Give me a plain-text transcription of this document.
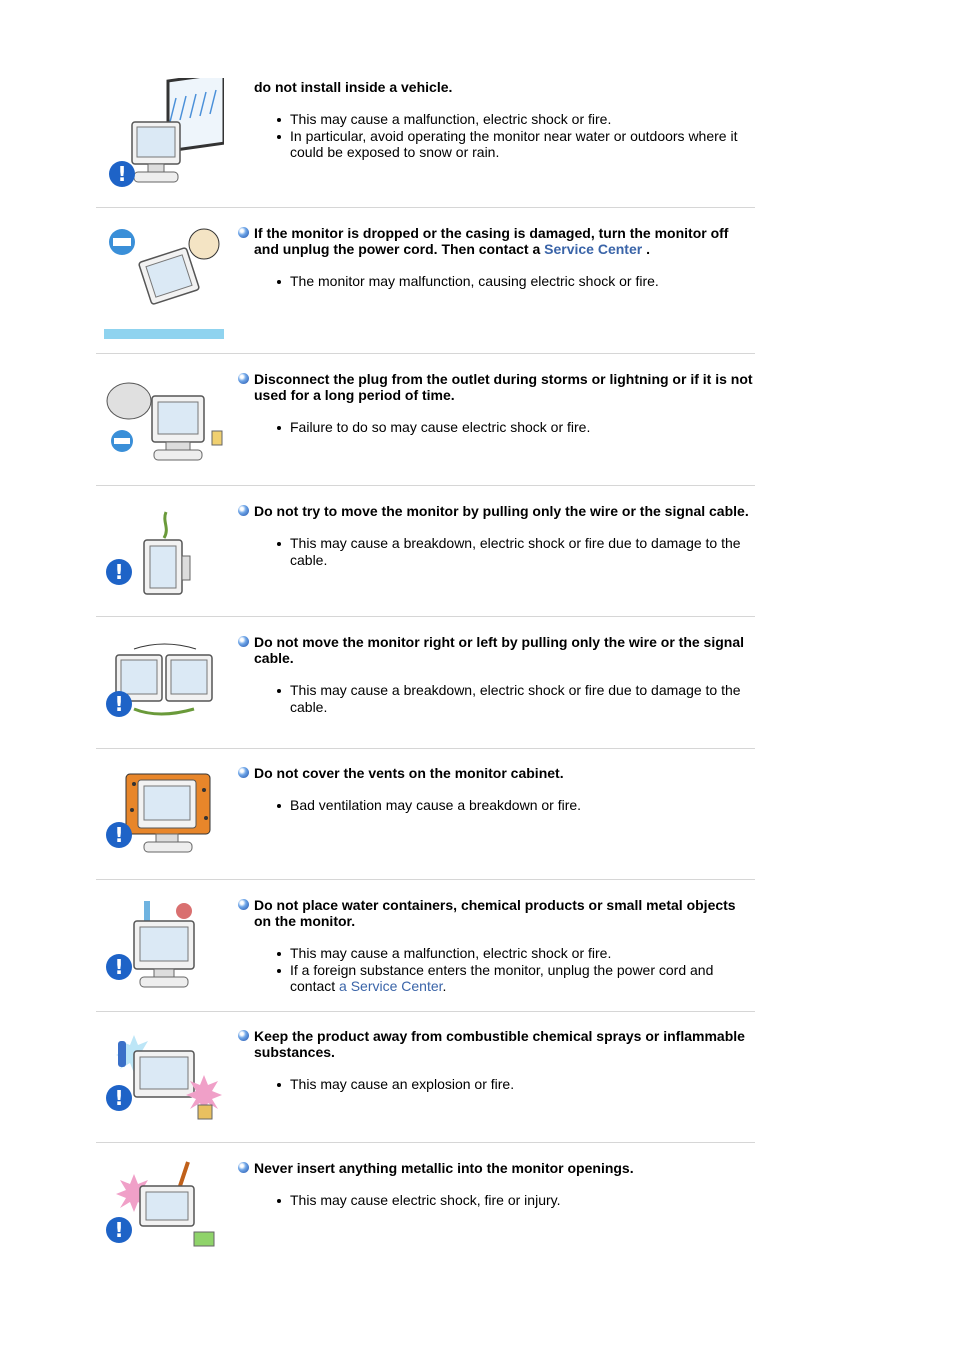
!
do not install inside a vehicle.
This may cause a malfunction, electric shock or fire.
In particular, avoid operating the monitor near water or outdoors where it could be exposed to snow or rain.
If the monitor is dropped or the casing is damaged, turn the monitor off and unplug the power cord. Then contact a Service Center .
The monitor may malfunction, causing electric shock or fire.
Disconnect the plug from the outlet during storms or lightning or if it is not used for a long period of time.
Failure to do so may cause electric shock or fire.
!
Do not try to move the monitor by pulling only the wire or the signal cable.
This may cause a breakdown, electric shock or fire due to damage to the cable.
!
Do not move the monitor right or left by pulling only the wire or the signal cable.
This may cause a breakdown, electric shock or fire due to damage to the cable.
!
Do not cover the vents on the monitor cabinet.
Bad ventilation may cause a breakdown or fire.
!
Do not place water containers, chemical products or small metal objects on the monitor.
This may cause a malfunction, electric shock or fire.
If a foreign substance enters the monitor, unplug the power cord and contact a Service Center.
!
Keep the product away from combustible chemical sprays or inflammable substances.
This may cause an explosion or fire.
!
Never insert anything metallic into the monitor openings.
This may cause electric shock, fire or injury.
